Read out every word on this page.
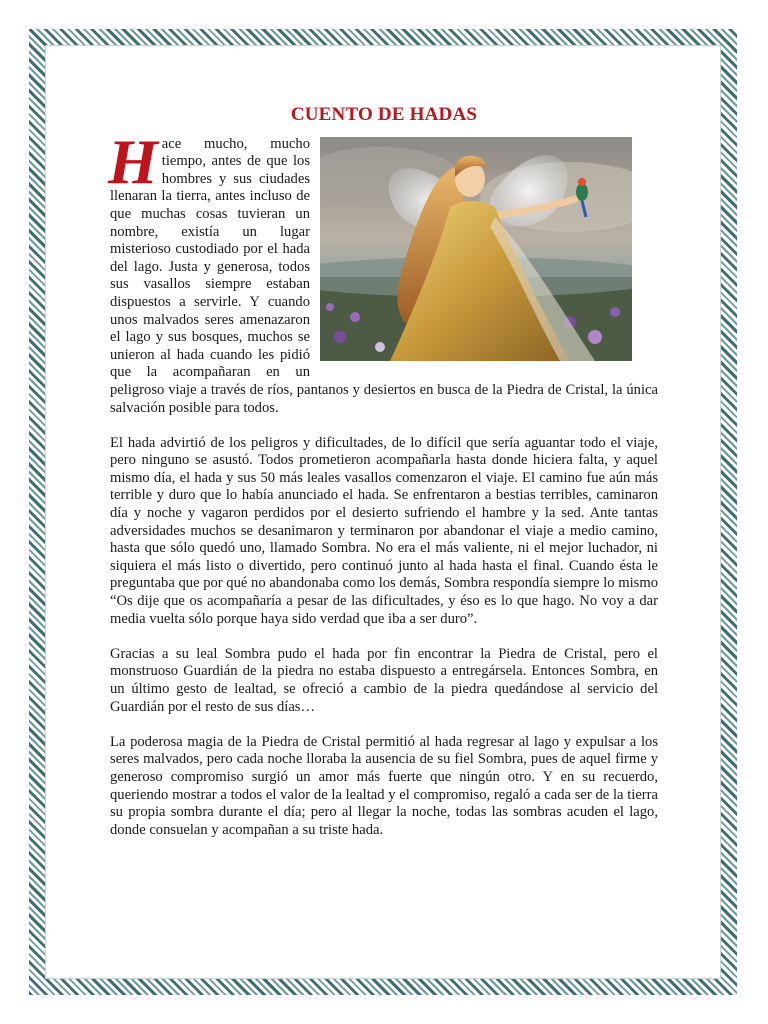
CUENTO DE HADAS

Hace mucho, mucho tiempo, antes de que los hombres y sus ciudades llenaran la tierra, antes incluso de que muchas cosas tuvieran un nombre, existía un lugar misterioso custodiado por el hada del lago. Justa y generosa, todos sus vasallos siempre estaban dispuestos a servirle. Y cuando unos malvados seres amenazaron el lago y sus bosques, muchos se unieron al hada cuando les pidió que la acompañaran en un peligroso viaje a través de ríos, pantanos y desiertos en busca de la Piedra de Cristal, la única salvación posible para todos.

El hada advirtió de los peligros y dificultades, de lo difícil que sería aguantar todo el viaje, pero ninguno se asustó. Todos prometieron acompañarla hasta donde hiciera falta, y aquel mismo día, el hada y sus 50 más leales vasallos comenzaron el viaje. El camino fue aún más terrible y duro que lo había anunciado el hada. Se enfrentaron a bestias terribles, caminaron día y noche y vagaron perdidos por el desierto sufriendo el hambre y la sed. Ante tantas adversidades muchos se desanimaron y terminaron por abandonar el viaje a medio camino, hasta que sólo quedó uno, llamado Sombra. No era el más valiente, ni el mejor luchador, ni siquiera el más listo o divertido, pero continuó junto al hada hasta el final. Cuando ésta le preguntaba que por qué no abandonaba como los demás, Sombra respondía siempre lo mismo “Os dije que os acompañaría a pesar de las dificultades, y éso es lo que hago. No voy a dar media vuelta sólo porque haya sido verdad que iba a ser duro”.

Gracias a su leal Sombra pudo el hada por fin encontrar la Piedra de Cristal, pero el monstruoso Guardián de la piedra no estaba dispuesto a entregársela. Entonces Sombra, en un último gesto de lealtad, se ofreció a cambio de la piedra quedándose al servicio del Guardián por el resto de sus días…

La poderosa magia de la Piedra de Cristal permitió al hada regresar al lago y expulsar a los seres malvados, pero cada noche lloraba la ausencia de su fiel Sombra, pues de aquel firme y generoso compromiso surgió un amor más fuerte que ningún otro. Y en su recuerdo, queriendo mostrar a todos el valor de la lealtad y el compromiso, regaló a cada ser de la tierra su propia sombra durante el día; pero al llegar la noche, todas las sombras acuden el lago, donde consuelan y acompañan a su triste hada.
